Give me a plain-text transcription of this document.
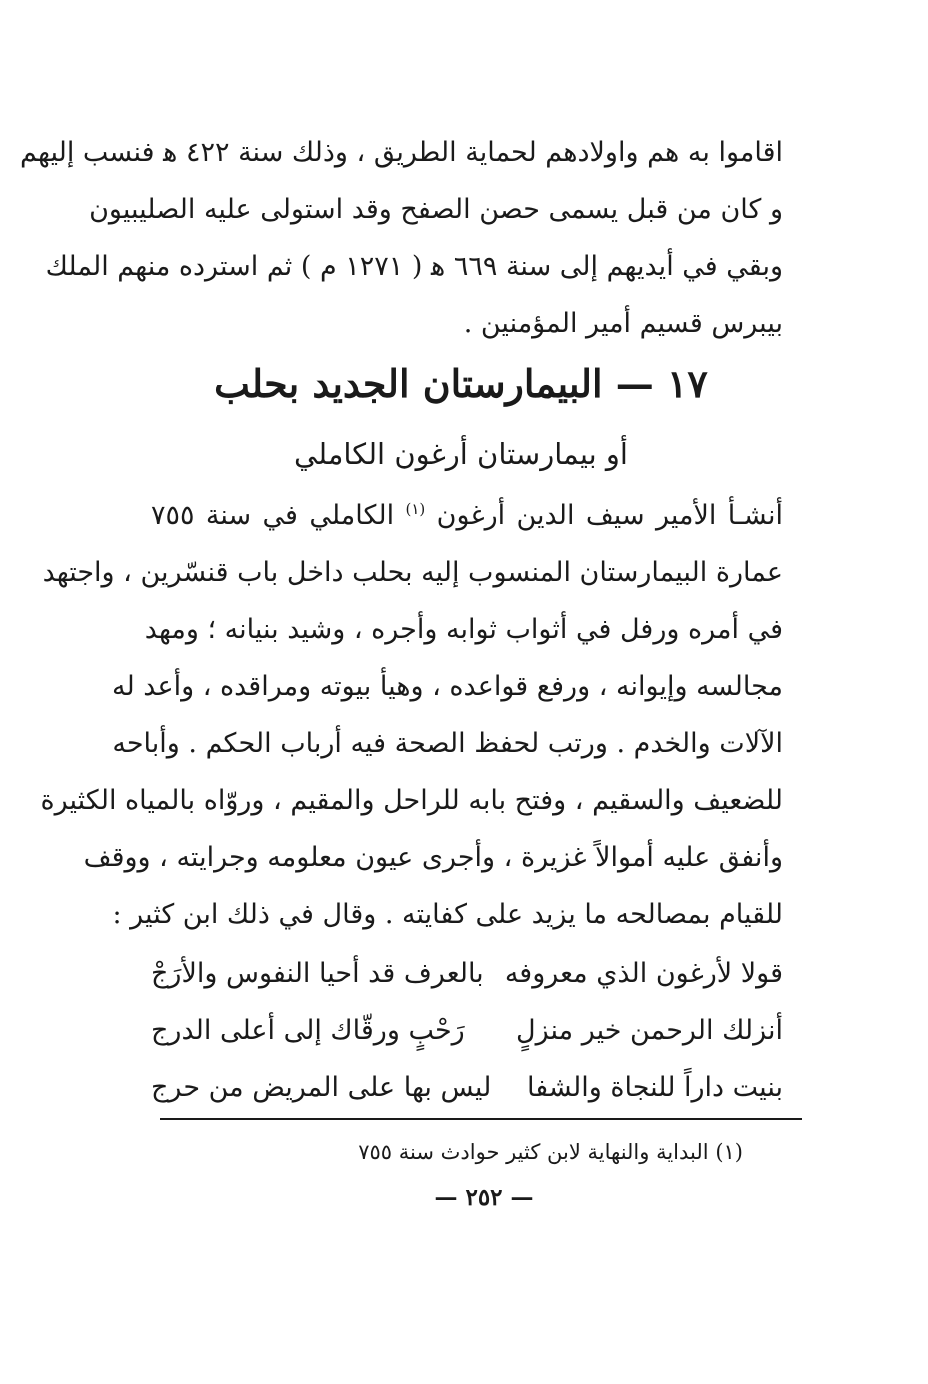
اقاموا به هم واولادهم لحماية الطريق ، وذلك سنة ٤٢٢ ﻫ فنسب إليهم
و كان من قبل يسمى حصن الصفح وقد استولى عليه الصليبيون
وبقي في أيديهم إلى سنة ٦٦٩ ﻫ ( ١٢٧١ م ) ثم استرده منهم الملك
بيبرس قسيم أمير المؤمنين .
١٧ — البيمارستان الجديد بحلب
أو بيمارستان أرغون الكاملي
أنشـأ الأمير سيف الدين أرغون $^{(١)}$ الكاملي في سنة ٧٥٥
عمارة البيمارستان المنسوب إليه بحلب داخل باب قنسّرين ، واجتهد
في أمره ورفل في أثواب ثوابه وأجره ، وشيد بنيانه ؛ ومهد
مجالسه وإيوانه ، ورفع قواعده ، وهيأ بيوته ومراقده ، وأعد له
الآلات والخدم . ورتب لحفظ الصحة فيه أرباب الحكم . وأباحه
للضعيف والسقيم ، وفتح بابه للراحل والمقيم ، وروّاه بالمياه الكثيرة
وأنفق عليه أموالاً غزيرة ، وأجرى عيون معلومه وجرايته ، ووقف
للقيام بمصالحه ما يزيد على كفايته . وقال في ذلك ابن كثير :
قولا لأرغون الذي معروفه
بالعرف قد أحيا النفوس والأرَجْ
أنزلك الرحمن خير منزلٍ
رَحْبٍ ورقّاك إلى أعلى الدرج
بنيت داراً للنجاة والشفا
ليس بها على المريض من حرج
(١) البداية والنهاية لابن كثير حوادث سنة ٧٥٥
— ٢٥٢ —
